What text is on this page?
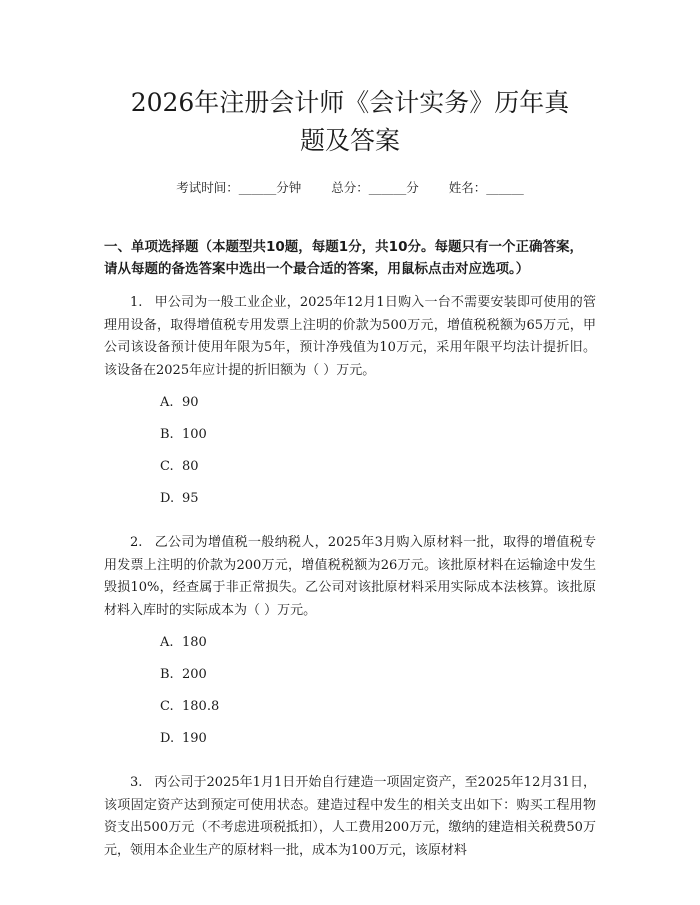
2026年注册会计师《会计实务》历年真题及答案
考试时间：______分钟 总分：______分 姓名：______
一、单项选择题（本题型共10题，每题1分，共10分。每题只有一个正确答案，请从每题的备选答案中选出一个最合适的答案，用鼠标点击对应选项。）
1. 甲公司为一般工业企业，2025年12月1日购入一台不需要安装即可使用的管理用设备，取得增值税专用发票上注明的价款为500万元，增值税税额为65万元，甲公司该设备预计使用年限为5年，预计净残值为10万元，采用年限平均法计提折旧。该设备在2025年应计提的折旧额为（ ）万元。
A. 90
B. 100
C. 80
D. 95
2. 乙公司为增值税一般纳税人，2025年3月购入原材料一批，取得的增值税专用发票上注明的价款为200万元，增值税税额为26万元。该批原材料在运输途中发生毁损10%，经查属于非正常损失。乙公司对该批原材料采用实际成本法核算。该批原材料入库时的实际成本为（ ）万元。
A. 180
B. 200
C. 180.8
D. 190
3. 丙公司于2025年1月1日开始自行建造一项固定资产，至2025年12月31日，该项固定资产达到预定可使用状态。建造过程中发生的相关支出如下：购买工程用物资支出500万元（不考虑进项税抵扣），人工费用200万元，缴纳的建造相关税费50万元，领用本企业生产的原材料一批，成本为100万元，该原材料
